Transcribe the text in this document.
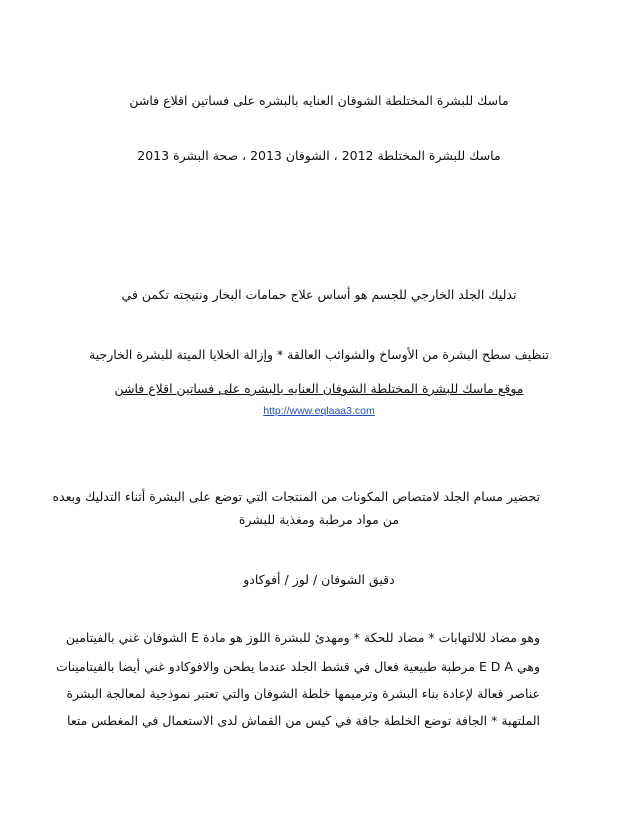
ماسك للبشرة المختلطة الشوفان العنايه بالبشره على فساتين اقلاع فاشن
ماسك للبشرة المختلطة 2012 ، الشوفان 2013 ، صحة البشرة 2013
تدليك الجلد الخارجي للجسم هو أساس علاج حمامات البخار ونتيجته تكمن في
تنظيف سطح البشرة من الأوساخ والشوائب العالقة * وإزالة الخلايا الميتة للبشرة الخارجية
موقع ماسك للبشرة المختلطة الشوفان العنايه بالبشره على فساتين اقلاع فاشن
http://www.eqlaaa3.com
تحضير مسام الجلد لامتصاص المكونات من المنتجات التي توضع على البشرة أثناء التدليك وبعده
من مواد مرطبة ومغذية للبشرة
دقيق الشوفان / لوز / أفوكادو
وهو مضاد للالتهابات * مضاد للحكة * ومهدئ للبشرة اللوز هو مادة E الشوفان غني بالفيتامين
وهي E D A مرطبة طبيعية فعال في قشط الجلد عندما يطحن والافوكادو غني أيضا بالفيتامينات
عناصر فعالة لإعادة بناء البشرة وترميمها خلطة الشوفان والتي تعتبر نموذجية لمعالجة البشرة
الملتهبة * الجافة توضع الخلطة جافة في كيس من القماش لدى الاستعمال في المغطس متعا
